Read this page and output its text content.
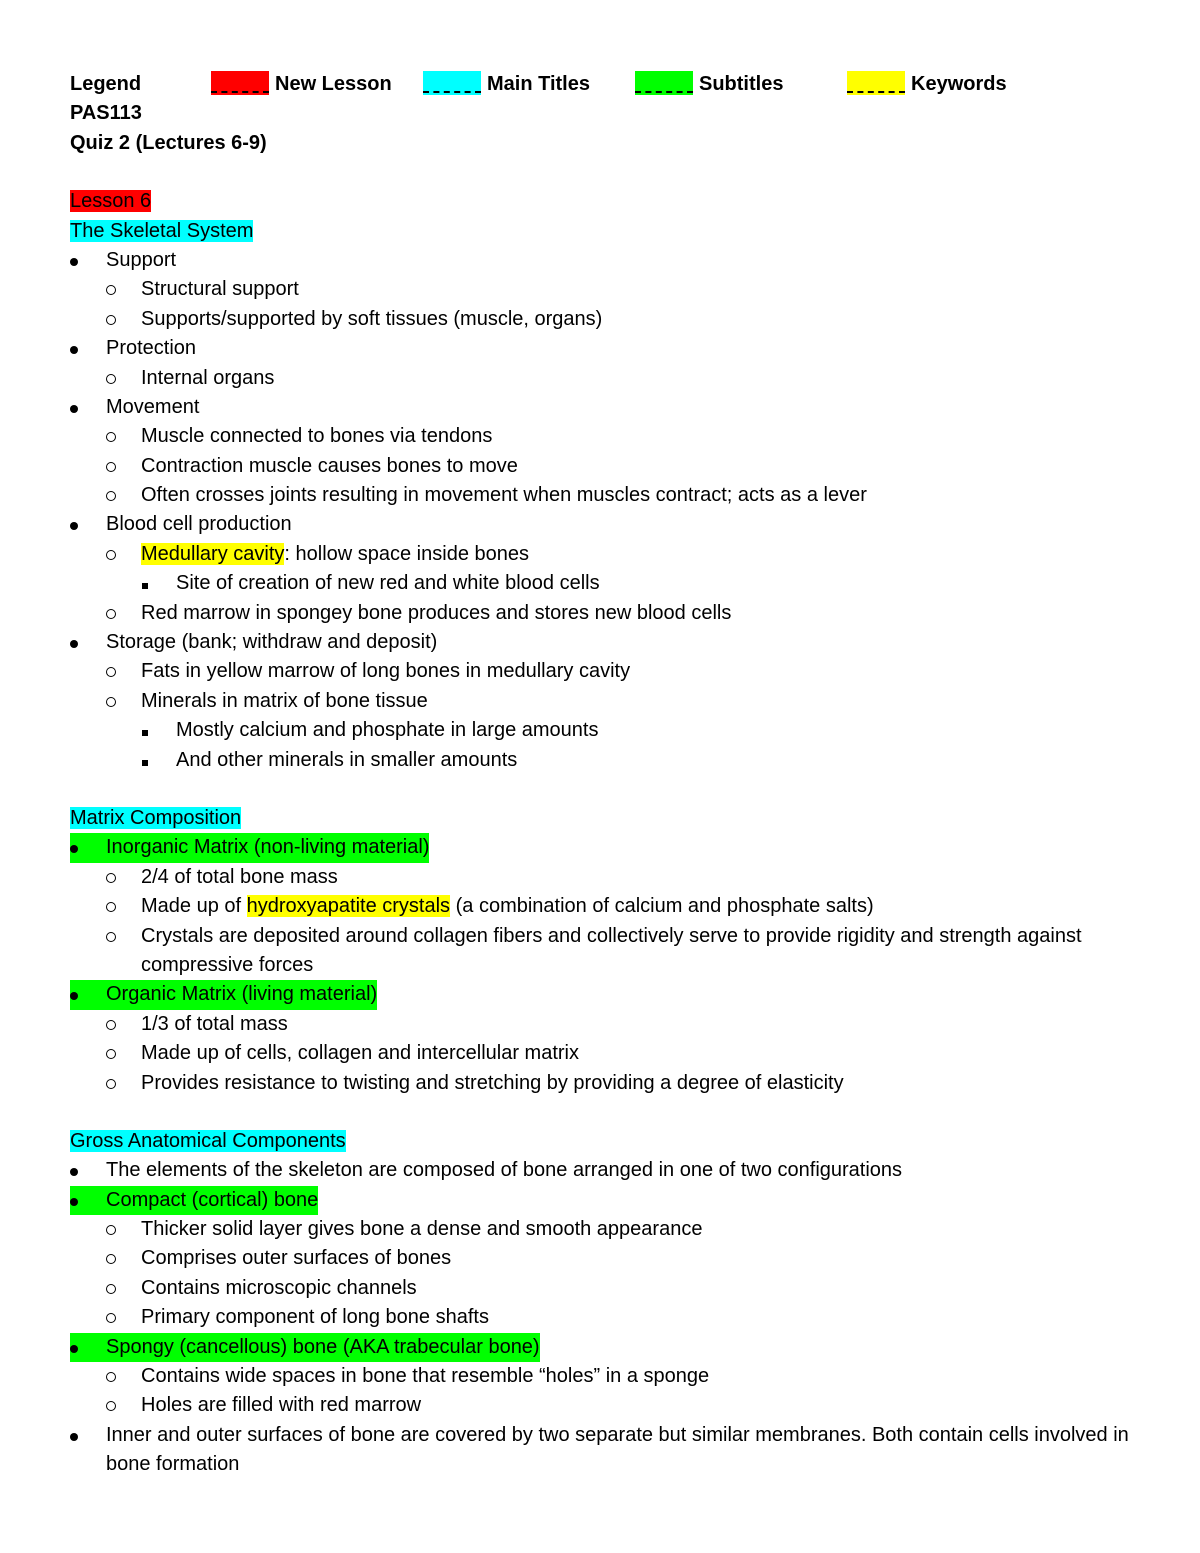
Legend	New Lesson	Main Titles	Subtitles	Keywords
PAS113
Quiz 2 (Lectures 6-9)
Lesson 6
The Skeletal System
Support
Structural support
Supports/supported by soft tissues (muscle, organs)
Protection
Internal organs
Movement
Muscle connected to bones via tendons
Contraction muscle causes bones to move
Often crosses joints resulting in movement when muscles contract; acts as a lever
Blood cell production
Medullary cavity: hollow space inside bones
Site of creation of new red and white blood cells
Red marrow in spongey bone produces and stores new blood cells
Storage (bank; withdraw and deposit)
Fats in yellow marrow of long bones in medullary cavity
Minerals in matrix of bone tissue
Mostly calcium and phosphate in large amounts
And other minerals in smaller amounts
Matrix Composition
Inorganic Matrix (non-living material)
2/4 of total bone mass
Made up of hydroxyapatite crystals (a combination of calcium and phosphate salts)
Crystals are deposited around collagen fibers and collectively serve to provide rigidity and strength against compressive forces
Organic Matrix (living material)
1/3 of total mass
Made up of cells, collagen and intercellular matrix
Provides resistance to twisting and stretching by providing a degree of elasticity
Gross Anatomical Components
The elements of the skeleton are composed of bone arranged in one of two configurations
Compact (cortical) bone
Thicker solid layer gives bone a dense and smooth appearance
Comprises outer surfaces of bones
Contains microscopic channels
Primary component of long bone shafts
Spongy (cancellous) bone (AKA trabecular bone)
Contains wide spaces in bone that resemble “holes” in a sponge
Holes are filled with red marrow
Inner and outer surfaces of bone are covered by two separate but similar membranes. Both contain cells involved in bone formation
